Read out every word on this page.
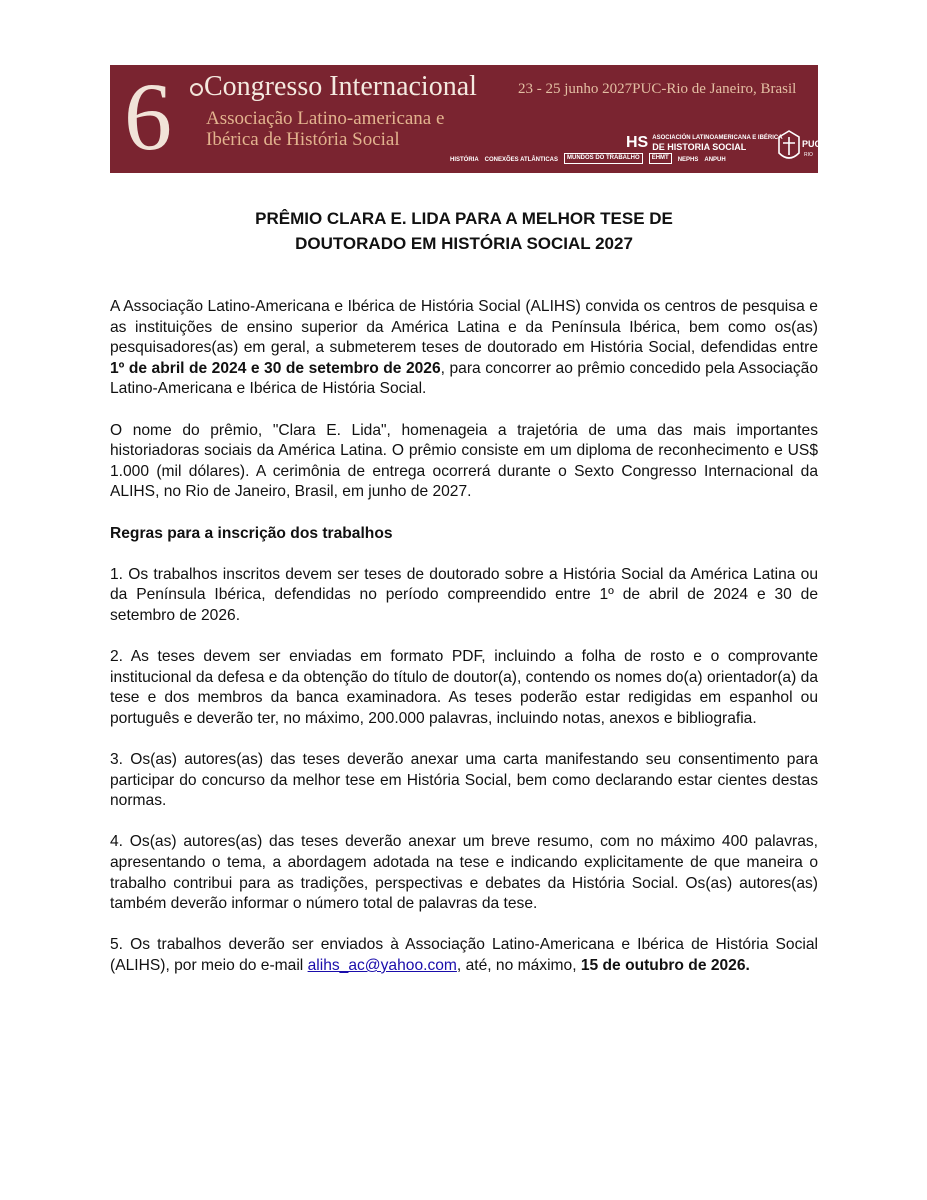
6 Congresso Internacional	23 - 25 junho 2027PUC-Rio de Janeiro, Brasil
Associação Latino-americana e
Ibérica de História Social	HS ASOCIACIÓN LATINOAMERICANA E IBÉRICA
DE HISTORIA SOCIAL	PUC
RIO
HISTÓRIA CONEXÕES ATLÂNTICAS	MUNDOS DO TRABALHO	EHMT	NEPHS ANPUH
PRÊMIO CLARA E. LIDA PARA A MELHOR TESE DE
DOUTORADO EM HISTÓRIA SOCIAL 2027

A Associação Latino-Americana e Ibérica de História Social (ALIHS) convida os centros de pesquisa e as instituições de ensino superior da América Latina e da Península Ibérica, bem como os(as) pesquisadores(as) em geral, a submeterem teses de doutorado em História Social, defendidas entre 1º de abril de 2024 e 30 de setembro de 2026, para concorrer ao prêmio concedido pela Associação Latino-Americana e Ibérica de História Social.

O nome do prêmio, "Clara E. Lida", homenageia a trajetória de uma das mais importantes historiadoras sociais da América Latina. O prêmio consiste em um diploma de reconhecimento e US$ 1.000 (mil dólares). A cerimônia de entrega ocorrerá durante o Sexto Congresso Internacional da ALIHS, no Rio de Janeiro, Brasil, em junho de 2027.

Regras para a inscrição dos trabalhos

1. Os trabalhos inscritos devem ser teses de doutorado sobre a História Social da América Latina ou da Península Ibérica, defendidas no período compreendido entre 1º de abril de 2024 e 30 de setembro de 2026.

2. As teses devem ser enviadas em formato PDF, incluindo a folha de rosto e o comprovante institucional da defesa e da obtenção do título de doutor(a), contendo os nomes do(a) orientador(a) da tese e dos membros da banca examinadora. As teses poderão estar redigidas em espanhol ou português e deverão ter, no máximo, 200.000 palavras, incluindo notas, anexos e bibliografia.

3. Os(as) autores(as) das teses deverão anexar uma carta manifestando seu consentimento para participar do concurso da melhor tese em História Social, bem como declarando estar cientes destas normas.

4. Os(as) autores(as) das teses deverão anexar um breve resumo, com no máximo 400 palavras, apresentando o tema, a abordagem adotada na tese e indicando explicitamente de que maneira o trabalho contribui para as tradições, perspectivas e debates da História Social. Os(as) autores(as) também deverão informar o número total de palavras da tese.

5. Os trabalhos deverão ser enviados à Associação Latino-Americana e Ibérica de História Social (ALIHS), por meio do e-mail alihs_ac@yahoo.com, até, no máximo, 15 de outubro de 2026.
